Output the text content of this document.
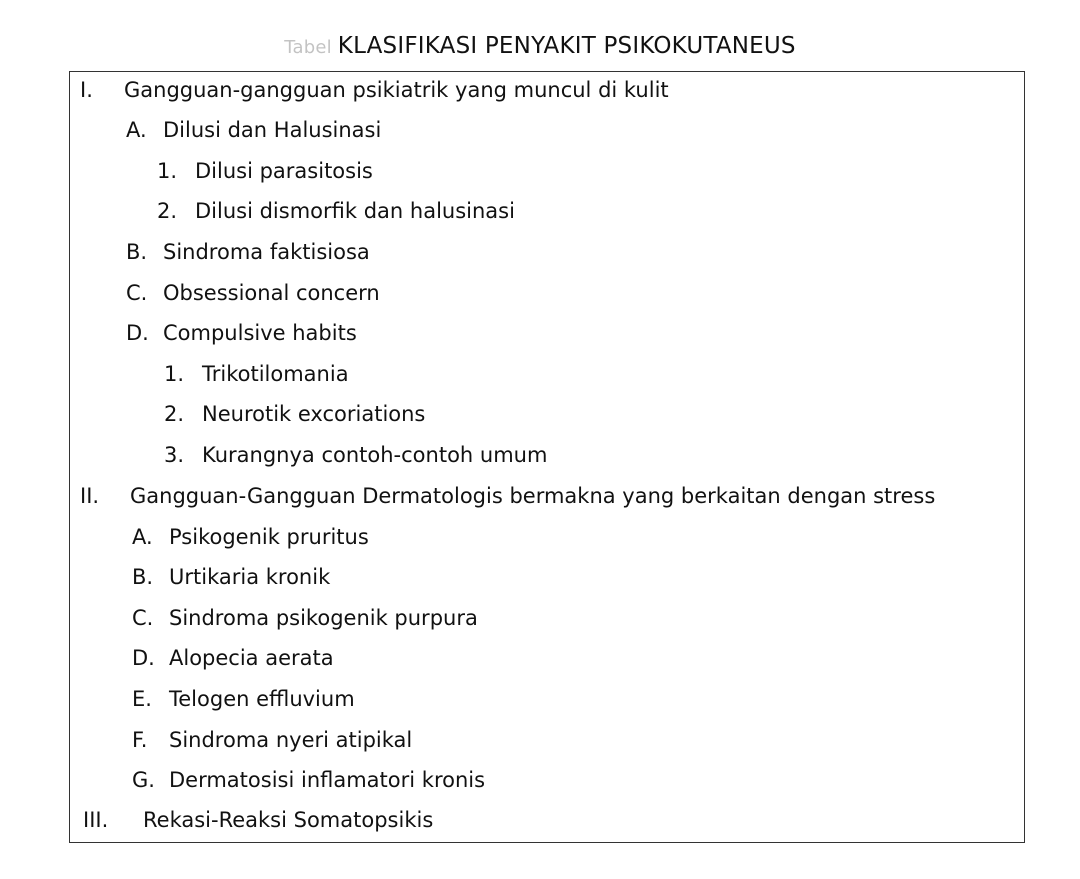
Tabel KLASIFIKASI PENYAKIT PSIKOKUTANEUS
I. Gangguan-gangguan psikiatrik yang muncul di kulit
A. Dilusi dan Halusinasi
1. Dilusi parasitosis
2. Dilusi dismorfik dan halusinasi
B. Sindroma faktisiosa
C. Obsessional concern
D. Compulsive habits
1. Trikotilomania
2. Neurotik excoriations
3. Kurangnya contoh-contoh umum
II. Gangguan-Gangguan Dermatologis bermakna yang berkaitan dengan stress
A. Psikogenik pruritus
B. Urtikaria kronik
C. Sindroma psikogenik purpura
D. Alopecia aerata
E. Telogen effluvium
F. Sindroma nyeri atipikal
G. Dermatosisi inflamatori kronis
III. Rekasi-Reaksi Somatopsikis
